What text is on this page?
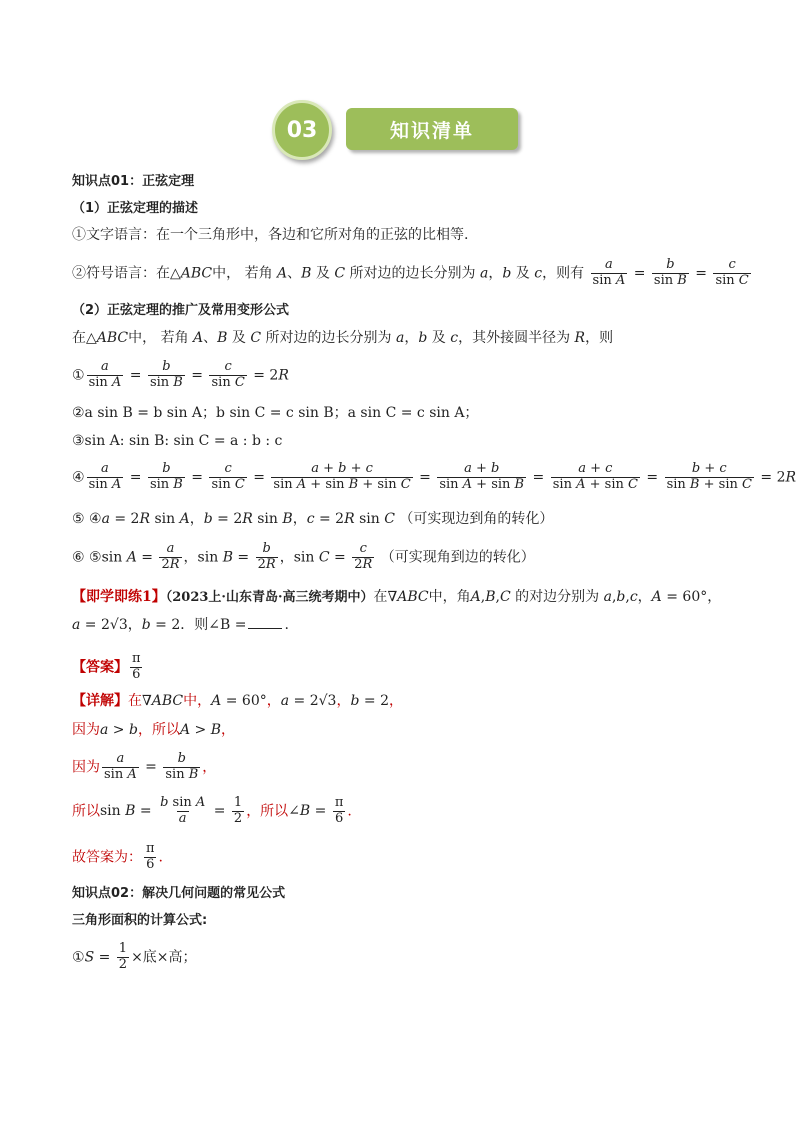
03	知识清单
知识点01：正弦定理
（1）正弦定理的描述
①文字语言：在一个三角形中，各边和它所对角的正弦的比相等.
②符号语言：在△ABC中， 若角 A、B 及 C 所对边的边长分别为 a，b 及 c，则有 $\frac{a}{\text{sin A}} = \frac{b}{\text{sin B}} = \frac{c}{\text{sin C}}$
（2）正弦定理的推广及常用变形公式
在△ABC中， 若角 A、B 及 C 所对边的边长分别为 a，b 及 c，其外接圆半径为 R，则
① $\frac{a}{\text{sin A}} = \frac{b}{\text{sin B}} = \frac{c}{\text{sin C}} = 2R$
②a sin B = b sin A；b sin C = c sin B；a sin C = c sin A；
③sin A: sin B: sin C = a : b : c
④ $\frac{a}{\text{sin A}} = \frac{b}{\text{sin B}} = \frac{c}{\text{sin C}} = \frac{a + b + c}{\text{sin A + sin B + sin C}} = \frac{a + b}{\text{sin A + sin B}} = \frac{a + c}{\text{sin A + sin C}} = \frac{b + c}{\text{sin B + sin C}} = 2R$
⑤ ④a = 2R sin A，b = 2R sin B，c = 2R sin C （可实现边到角的转化）
⑥ ⑤sin $A = \frac{a}{2R}$ ，$\sin B = \frac{b}{2R}$ ，$\sin C = \frac{c}{2R}$ （可实现角到边的转化）
【即学即练1】（2023上·山东青岛·高三统考期中）在∇ABC中，角A,B,C 的对边分别为 a,b,c，A = 60°，
a = 2√3，b = 2．则∠B =	.
【答案】 $\frac{\pi}{6}$
【详解】在∇ABC中，A = 60°，a = 2√3，b = 2，
因为a > b，所以A > B，
因为 $\frac{a}{\text{sin A}} = \frac{b}{\text{sin B}}$ ，
所以$\sin B = \frac{\text{b sin A}}{a} = \frac{1}{2}$ ，所以∠B = $\frac{\pi}{6}$ .
故答案为： $\frac{\pi}{6}$ .
知识点02：解决几何问题的常见公式
三角形面积的计算公式:
①S = $\frac{1}{2}$ ×底×高；
